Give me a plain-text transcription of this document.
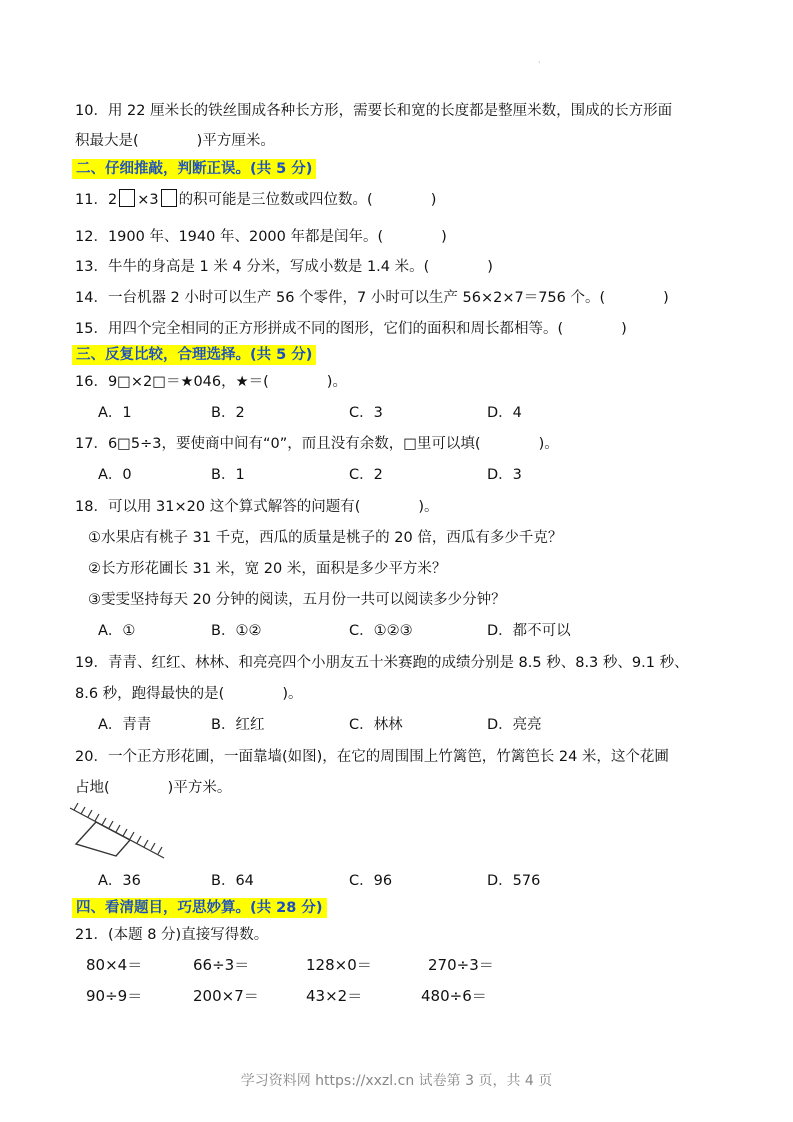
·
10．用 22 厘米长的铁丝围成各种长方形，需要长和宽的长度都是整厘米数，围成的长方形面
积最大是(　　　　)平方厘米。
二、仔细推敲，判断正误。(共 5 分)
11．2 ×3 的积可能是三位数或四位数。(　　　　)
12．1900 年、1940 年、2000 年都是闰年。(　　　　)
13．牛牛的身高是 1 米 4 分米，写成小数是 1.4 米。(　　　　)
14．一台机器 2 小时可以生产 56 个零件，7 小时可以生产 56×2×7＝756 个。(　　　　)
15．用四个完全相同的正方形拼成不同的图形，它们的面积和周长都相等。(　　　　)
三、反复比较，合理选择。(共 5 分)
16．9□×2□＝★046，★＝(　　　　)。
A．1	B．2	C．3	D．4
17．6□5÷3，要使商中间有“0”，而且没有余数，□里可以填(　　　　)。
A．0	B．1	C．2	D．3
18．可以用 31×20 这个算式解答的问题有(　　　　)。
①水果店有桃子 31 千克，西瓜的质量是桃子的 20 倍，西瓜有多少千克？
②长方形花圃长 31 米，宽 20 米，面积是多少平方米？
③雯雯坚持每天 20 分钟的阅读，五月份一共可以阅读多少分钟？
A．①	B．①②	C．①②③	D．都不可以
19．青青、红红、林林、和亮亮四个小朋友五十米赛跑的成绩分别是 8.5 秒、8.3 秒、9.1 秒、
8.6 秒，跑得最快的是(　　　　)。
A．青青	B．红红	C．林林	D．亮亮
20．一个正方形花圃，一面靠墙(如图)，在它的周围围上竹篱笆，竹篱笆长 24 米，这个花圃
占地(　　　　)平方米。
A．36	B．64	C．96	D．576
四、看清题目，巧思妙算。(共 28 分)
21．(本题 8 分)直接写得数。
80×4＝	66÷3＝	128×0＝	270÷3＝
90÷9＝	200×7＝	43×2＝	480÷6＝
学习资料网 https://xxzl.cn 试卷第 3 页，共 4 页
